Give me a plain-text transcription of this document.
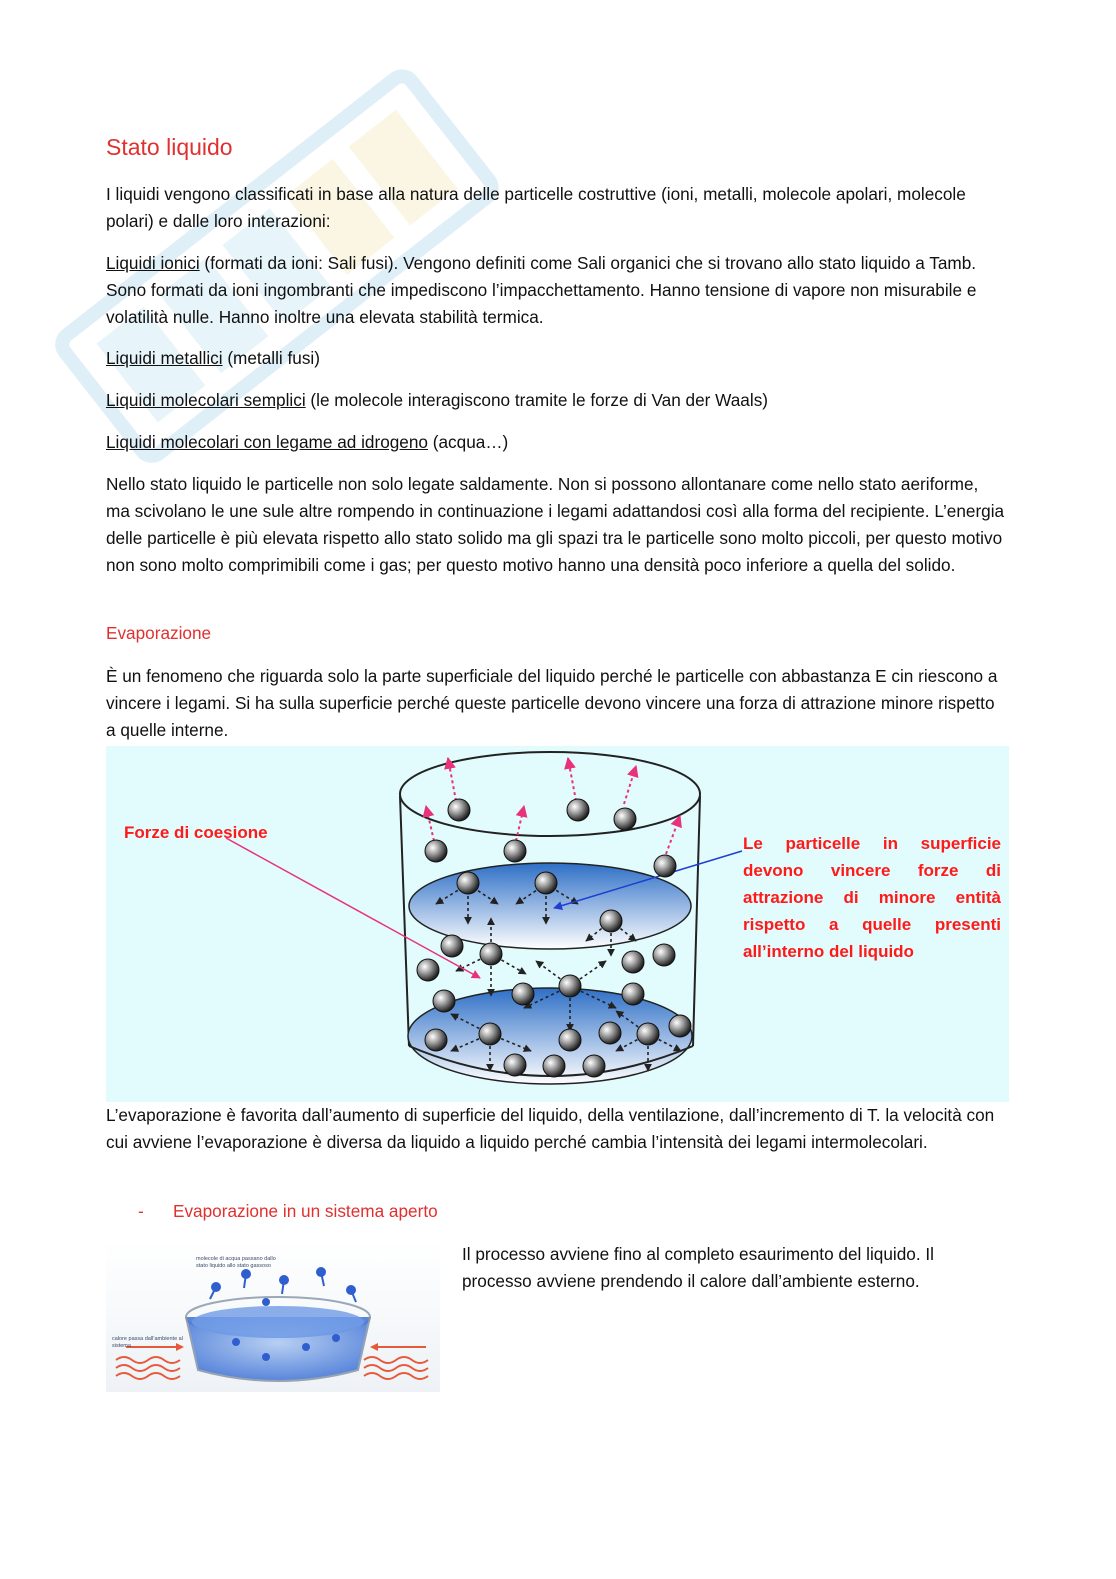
Stato liquido
I liquidi vengono classificati in base alla natura delle particelle costruttive (ioni, metalli, molecole apolari, molecole polari) e dalle loro interazioni:
Liquidi ionici (formati da ioni: Sali fusi). Vengono definiti come Sali organici che si trovano allo stato liquido a Tamb. Sono formati da ioni ingombranti che impediscono l’impacchettamento. Hanno tensione di vapore non misurabile e volatilità nulle. Hanno inoltre una elevata stabilità termica.
Liquidi metallici (metalli fusi)
Liquidi molecolari semplici (le molecole interagiscono tramite le forze di Van der Waals)
Liquidi molecolari con legame ad idrogeno (acqua…)
Nello stato liquido le particelle non solo legate saldamente. Non si possono allontanare come nello stato aeriforme, ma scivolano le une sule altre rompendo in continuazione i legami adattandosi così alla forma del recipiente. L’energia delle particelle è più elevata rispetto allo stato solido ma gli spazi tra le particelle sono molto piccoli, per questo motivo non sono molto comprimibili come i gas; per questo motivo hanno una densità poco inferiore a quella del solido.
Evaporazione
È un fenomeno che riguarda solo la parte superficiale del liquido perché le particelle con abbastanza E cin riescono a vincere i legami. Si ha sulla superficie perché queste particelle devono vincere una forza di attrazione minore rispetto a quelle interne.
Forze di coesione
Le particelle in superficie
devono vincere forze di
attrazione di minore entità
rispetto a quelle presenti
all’interno del liquido
L’evaporazione è favorita dall’aumento di superficie del liquido, della ventilazione, dall’incremento di T. la velocità con cui avviene l’evaporazione è diversa da liquido a liquido perché cambia l’intensità dei legami intermolecolari.
- Evaporazione in un sistema aperto
molecole di acqua passano dallo stato liquido allo stato gassoso
calore passa dall’ambiente al sistema
Il processo avviene fino al completo esaurimento del liquido. Il processo avviene prendendo il calore dall’ambiente esterno.
